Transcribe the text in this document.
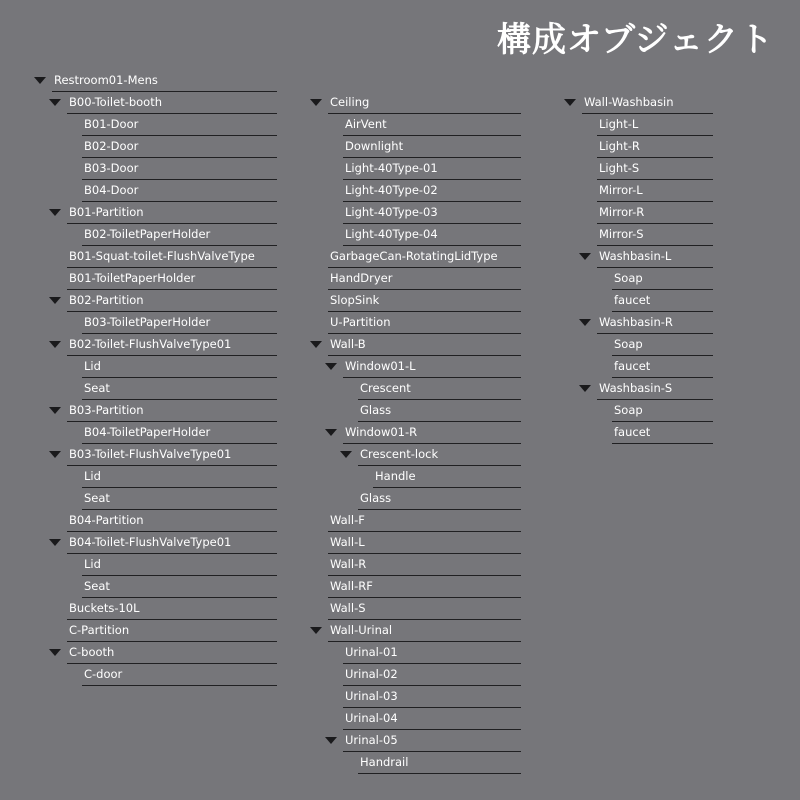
構成オブジェクト
Restroom01-Mens
B00-Toilet-booth
B01-Door
B02-Door
B03-Door
B04-Door
B01-Partition
B02-ToiletPaperHolder
B01-Squat-toilet-FlushValveType
B01-ToiletPaperHolder
B02-Partition
B03-ToiletPaperHolder
B02-Toilet-FlushValveType01
Lid
Seat
B03-Partition
B04-ToiletPaperHolder
B03-Toilet-FlushValveType01
Lid
Seat
B04-Partition
B04-Toilet-FlushValveType01
Lid
Seat
Buckets-10L
C-Partition
C-booth
C-door
Ceiling
AirVent
Downlight
Light-40Type-01
Light-40Type-02
Light-40Type-03
Light-40Type-04
GarbageCan-RotatingLidType
HandDryer
SlopSink
U-Partition
Wall-B
Window01-L
Crescent
Glass
Window01-R
Crescent-lock
Handle
Glass
Wall-F
Wall-L
Wall-R
Wall-RF
Wall-S
Wall-Urinal
Urinal-01
Urinal-02
Urinal-03
Urinal-04
Urinal-05
Handrail
Wall-Washbasin
Light-L
Light-R
Light-S
Mirror-L
Mirror-R
Mirror-S
Washbasin-L
Soap
faucet
Washbasin-R
Soap
faucet
Washbasin-S
Soap
faucet
